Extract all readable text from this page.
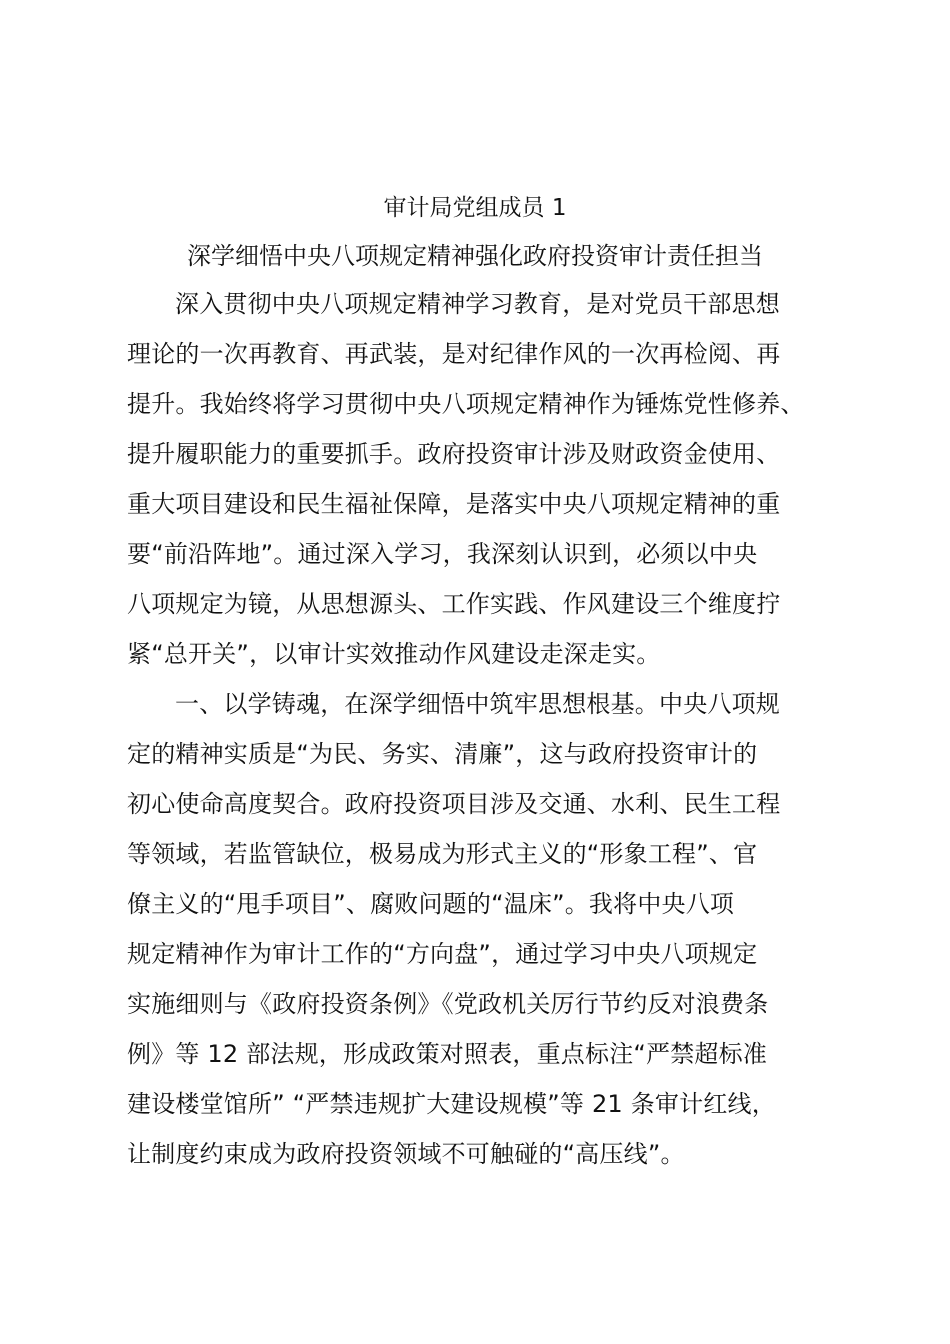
审计局党组成员 1
深学细悟中央八项规定精神强化政府投资审计责任担当
深入贯彻中央八项规定精神学习教育，是对党员干部思想
理论的一次再教育、再武装，是对纪律作风的一次再检阅、再
提升。我始终将学习贯彻中央八项规定精神作为锤炼党性修养、
提升履职能力的重要抓手。政府投资审计涉及财政资金使用、
重大项目建设和民生福祉保障，是落实中央八项规定精神的重
要“前沿阵地”。通过深入学习，我深刻认识到，必须以中央
八项规定为镜，从思想源头、工作实践、作风建设三个维度拧
紧“总开关”，以审计实效推动作风建设走深走实。
一、以学铸魂，在深学细悟中筑牢思想根基。中央八项规
定的精神实质是“为民、务实、清廉”，这与政府投资审计的
初心使命高度契合。政府投资项目涉及交通、水利、民生工程
等领域，若监管缺位，极易成为形式主义的“形象工程”、官
僚主义的“甩手项目”、腐败问题的“温床”。我将中央八项
规定精神作为审计工作的“方向盘”，通过学习中央八项规定
实施细则与《政府投资条例》《党政机关厉行节约反对浪费条
例》等 12 部法规，形成政策对照表，重点标注“严禁超标准
建设楼堂馆所” “严禁违规扩大建设规模”等 21 条审计红线，
让制度约束成为政府投资领域不可触碰的“高压线”。
